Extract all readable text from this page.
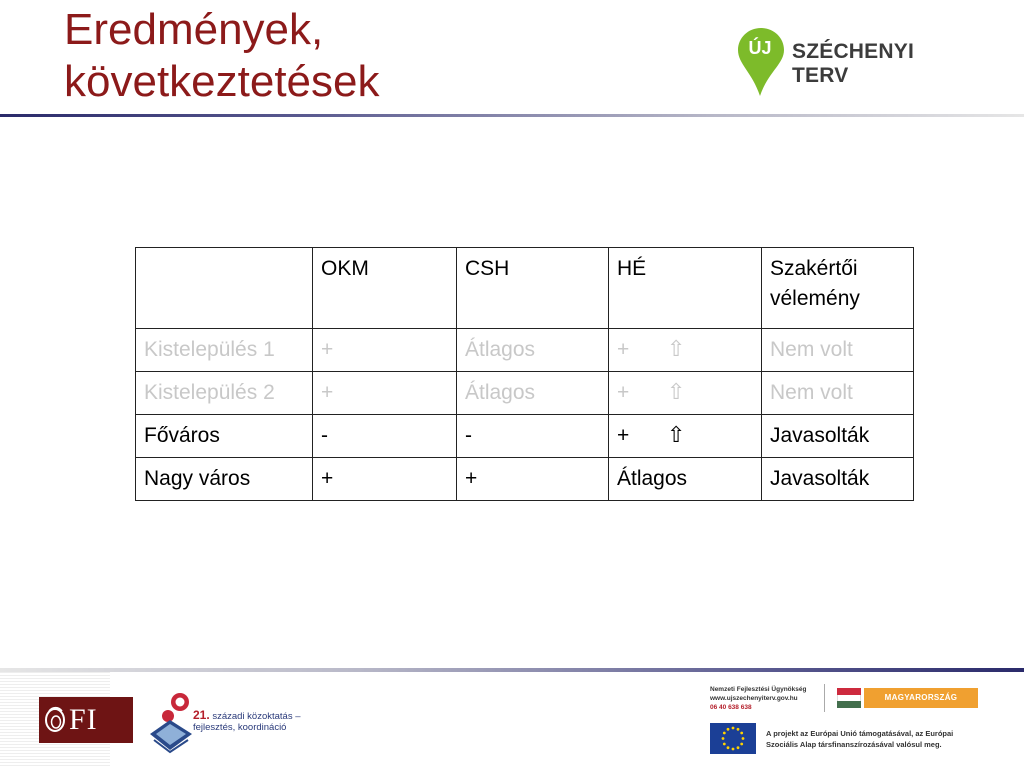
Eredmények,
következtetések
ÚJ SZÉCHENYI TERV
	OKM	CSH	HÉ	Szakértői vélemény
Kistelepülés 1	+	Átlagos	+ ⇧	Nem volt
Kistelepülés 2	+	Átlagos	+ ⇧	Nem volt
Főváros	-	-	+ ⇧	Javasolták
Nagy város	+	+	Átlagos	Javasolták
FI	21. századi közoktatás –
fejlesztés, koordináció
Nemzeti Fejlesztési Ügynökség
www.ujszechenyiterv.gov.hu
06 40 638 638
MAGYARORSZÁG MEGÚJUL
A projekt az Európai Unió támogatásával, az Európai Szociális Alap társfinanszírozásával valósul meg.
